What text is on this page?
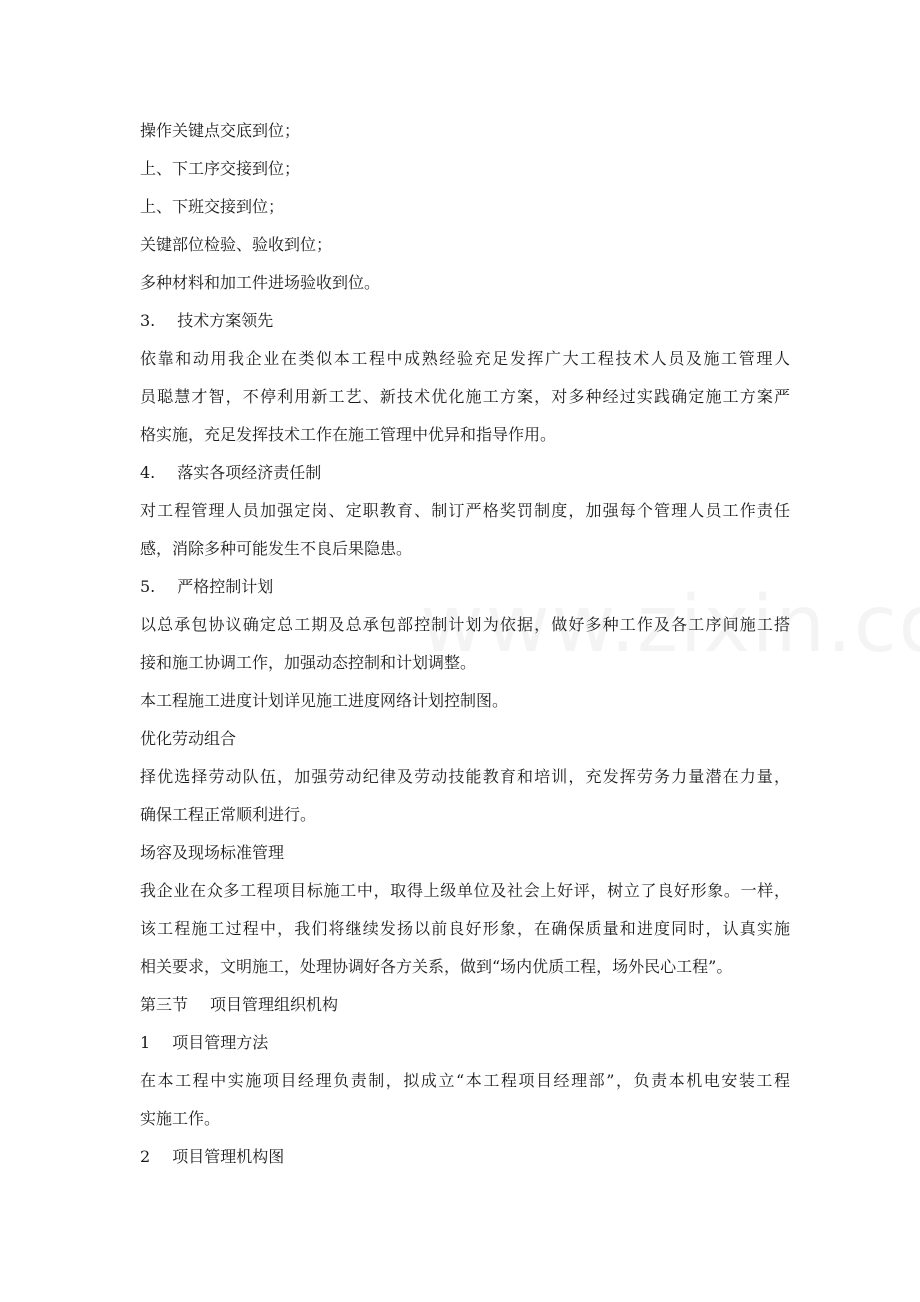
操作关键点交底到位；
上、下工序交接到位；
上、下班交接到位；
关键部位检验、验收到位；
多种材料和加工件进场验收到位。
3. 技术方案领先
依靠和动用我企业在类似本工程中成熟经验充足发挥广大工程技术人员及施工管理人
员聪慧才智，不停利用新工艺、新技术优化施工方案，对多种经过实践确定施工方案严
格实施，充足发挥技术工作在施工管理中优异和指导作用。
4. 落实各项经济责任制
对工程管理人员加强定岗、定职教育、制订严格奖罚制度，加强每个管理人员工作责任
感，消除多种可能发生不良后果隐患。
5. 严格控制计划
以总承包协议确定总工期及总承包部控制计划为依据，做好多种工作及各工序间施工搭
接和施工协调工作，加强动态控制和计划调整。
本工程施工进度计划详见施工进度网络计划控制图。
优化劳动组合
择优选择劳动队伍，加强劳动纪律及劳动技能教育和培训，充发挥劳务力量潜在力量，
确保工程正常顺利进行。
场容及现场标准管理
我企业在众多工程项目标施工中，取得上级单位及社会上好评，树立了良好形象。一样，
该工程施工过程中，我们将继续发扬以前良好形象，在确保质量和进度同时，认真实施
相关要求，文明施工，处理协调好各方关系，做到“场内优质工程，场外民心工程”。
第三节 项目管理组织机构
1 项目管理方法
在本工程中实施项目经理负责制，拟成立“本工程项目经理部”，负责本机电安装工程
实施工作。
2 项目管理机构图
